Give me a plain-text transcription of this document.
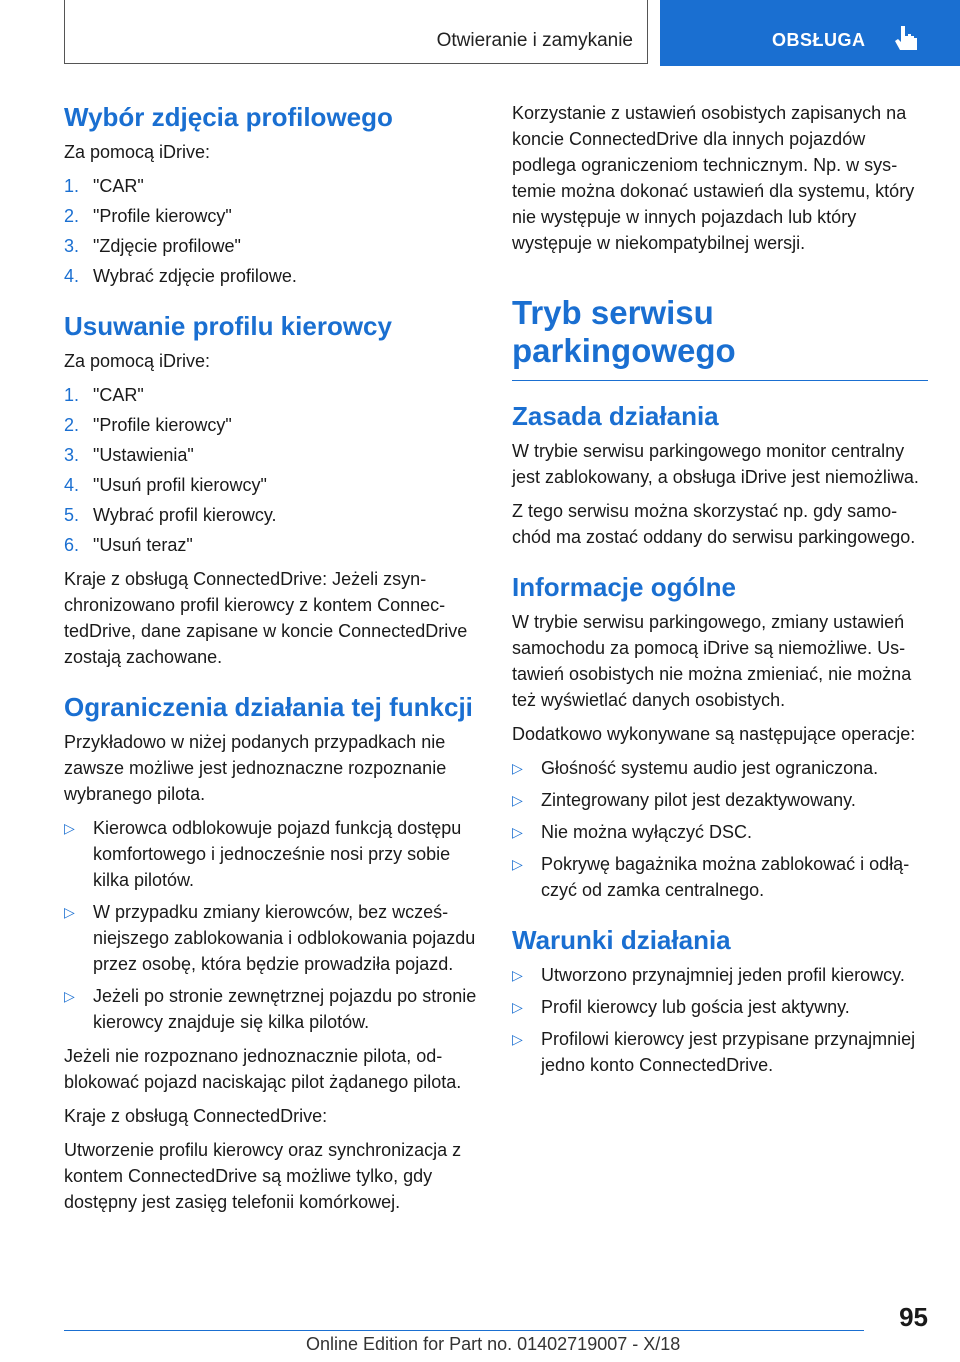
Otwieranie i zamykanie	OBSŁUGA
Wybór zdjęcia profilowego

Za pomocą iDrive:

1. "CAR"
2. "Profile kierowcy"
3. "Zdjęcie profilowe"
4. Wybrać zdjęcie profilowe.
Usuwanie profilu kierowcy

Za pomocą iDrive:

1. "CAR"
2. "Profile kierowcy"
3. "Ustawienia"
4. "Usuń profil kierowcy"
5. Wybrać profil kierowcy.
6. "Usuń teraz"

Kraje z obsługą ConnectedDrive: Jeżeli zsynchronizowano profil kierowcy z kontem ConnectedDrive, dane zapisane w koncie ConnectedDrive zostają zachowane.

Ograniczenia działania tej funkcji

Przykładowo w niżej podanych przypadkach nie zawsze możliwe jest jednoznaczne rozpoznanie wybranego pilota.

▷ Kierowca odblokowuje pojazd funkcją dostępu komfortowego i jednocześnie nosi przy sobie kilka pilotów.
▷ W przypadku zmiany kierowców, bez wcześniejszego zablokowania i odblokowania pojazdu przez osobę, która będzie prowadziła pojazd.
▷ Jeżeli po stronie zewnętrznej pojazdu po stronie kierowcy znajduje się kilka pilotów.

Jeżeli nie rozpoznano jednoznacznie pilota, odblokować pojazd naciskając pilot żądanego pilota.

Kraje z obsługą ConnectedDrive:

Utworzenie profilu kierowcy oraz synchronizacja z kontem ConnectedDrive są możliwe tylko, gdy dostępny jest zasięg telefonii komórkowej.

Korzystanie z ustawień osobistych zapisanych na koncie ConnectedDrive dla innych pojazdów podlega ograniczeniom technicznym. Np. w systemie można dokonać ustawień dla systemu, który nie występuje w innych pojazdach lub który występuje w niekompatybilnej wersji.

Tryb serwisu parkingowego
Zasada działania

W trybie serwisu parkingowego monitor centralny jest zablokowany, a obsługa iDrive jest niemożliwa.

Z tego serwisu można skorzystać np. gdy samochód ma zostać oddany do serwisu parkingowego.

Informacje ogólne

W trybie serwisu parkingowego, zmiany ustawień samochodu za pomocą iDrive są niemożliwe. Ustawień osobistych nie można zmieniać, nie można też wyświetlać danych osobistych.

Dodatkowo wykonywane są następujące operacje:

▷ Głośność systemu audio jest ograniczona.
▷ Zintegrowany pilot jest dezaktywowany.
▷ Nie można wyłączyć DSC.
▷ Pokrywę bagażnika można zablokować i odłączyć od zamka centralnego.
Warunki działania
▷ Utworzono przynajmniej jeden profil kierowcy.
▷ Profil kierowcy lub gościa jest aktywny.
▷ Profilowi kierowcy jest przypisane przynajmniej jedno konto ConnectedDrive.
95
Online Edition for Part no. 01402719007 - X/18
